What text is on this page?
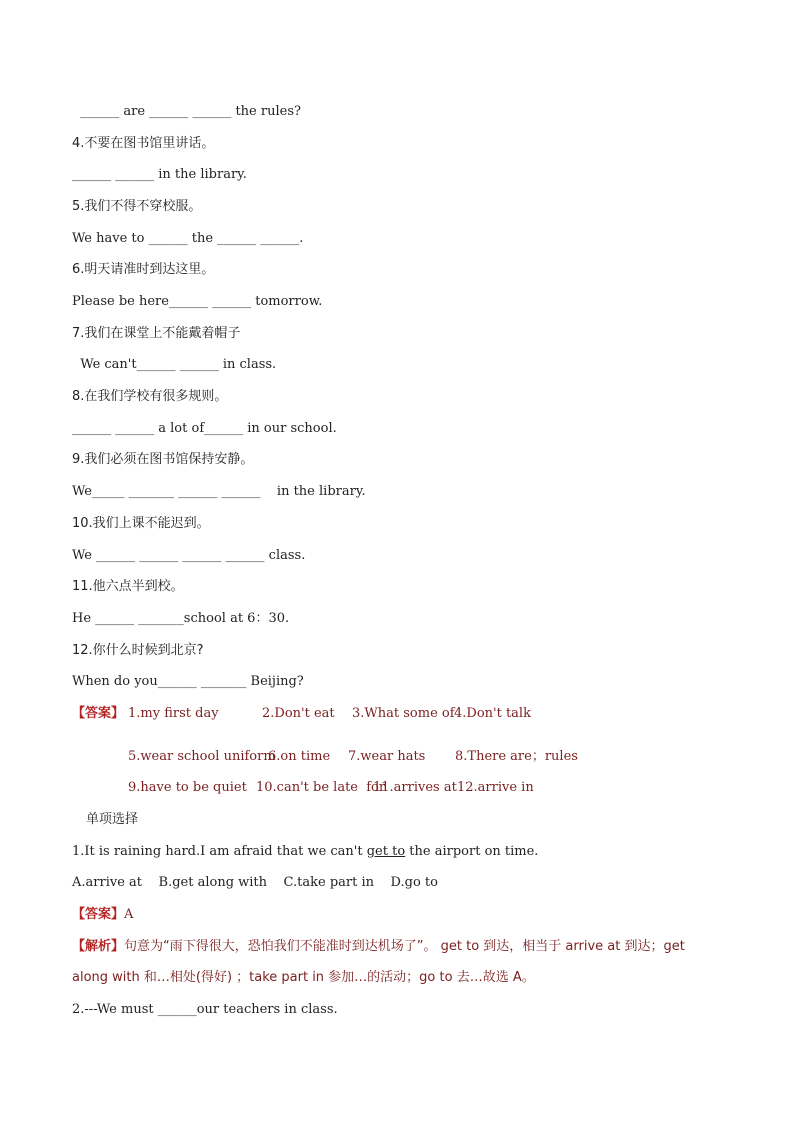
______ are ______ ______ the rules?
4.不要在图书馆里讲话。
______ ______ in the library.
5.我们不得不穿校服。
We have to ______ the ______ ______.
6.明天请准时到达这里。
Please be here______ ______ tomorrow.
7.我们在课堂上不能戴着帽子
We can't______ ______ in class.
8.在我们学校有很多规则。
______ ______ a lot of______ in our school.
9.我们必须在图书馆保持安静。
We_____ _______ ______ ______    in the library.
10.我们上课不能迟到。
We ______ ______ ______ ______ class.
11.他六点半到校。
He ______ _______school at 6：30.
12.你什么时候到北京?
When do you______ _______ Beijing?
【答案】 1.my first day	2.Don't eat 3.What some of 4.Don't talk
5.wear school uniform
6.on time 7.wear hats 8.There are；rules
9.have to be quiet 10.can't be late  for
11.arrives at 12.arrive in
单项选择
1.It is raining hard.I am afraid that we can't get to the airport on time.
A.arrive at    B.get along with    C.take part in    D.go to
【答案】A
【解析】句意为“雨下得很大，恐怕我们不能准时到达机场了”。 get to 到达，相当于 arrive at 到达；get
along with 和…相处(得好) ；take part in 参加…的活动；go to 去…故选 A。
2.---We must ______our teachers in class.
